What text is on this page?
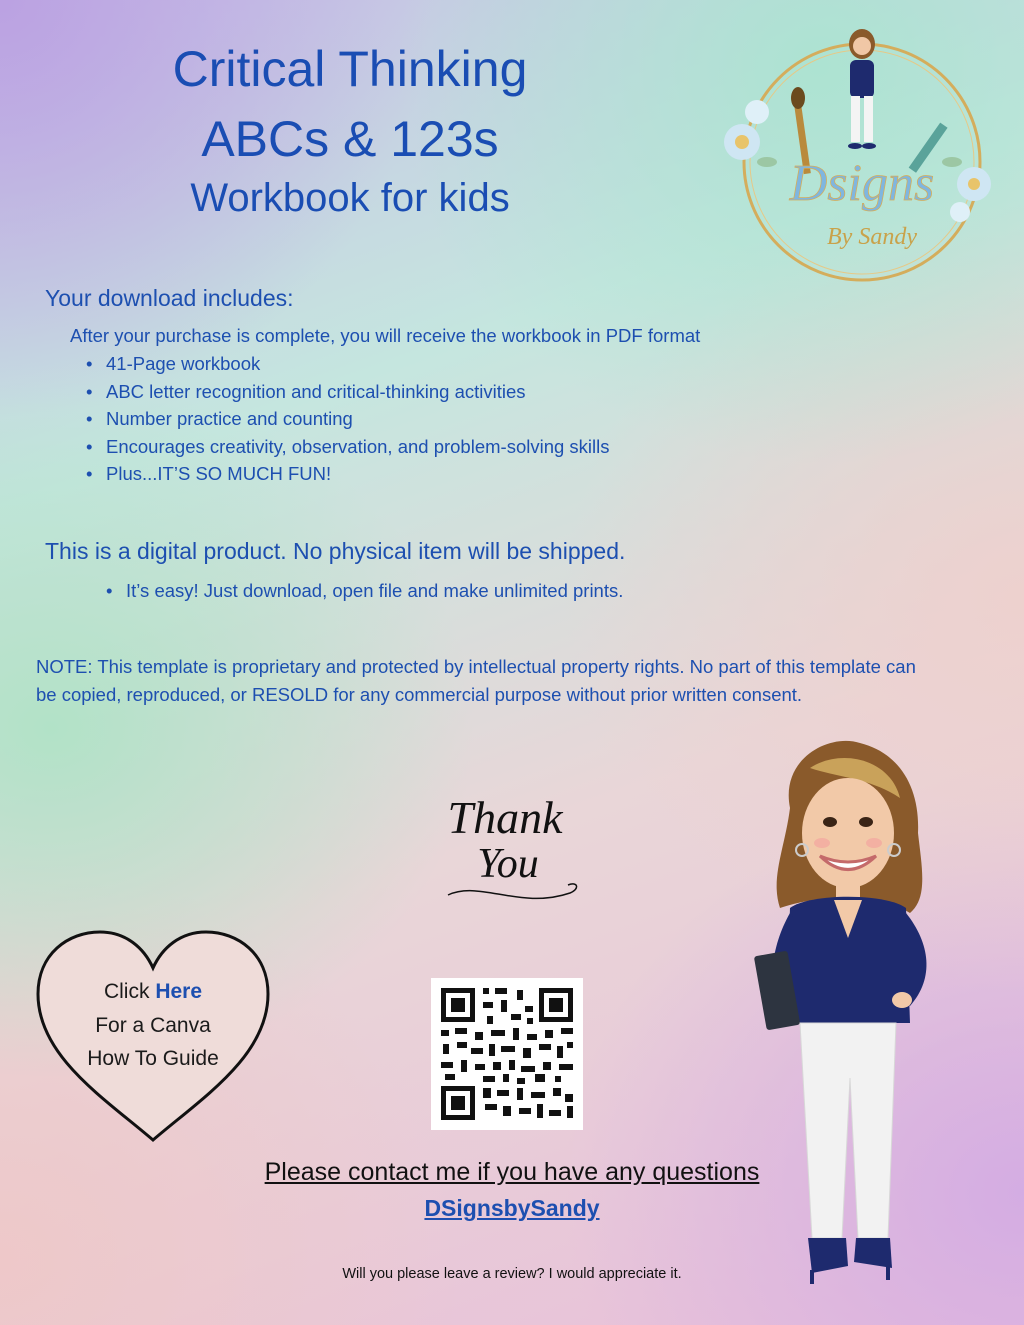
Critical Thinking
ABCs & 123s
Workbook for kids	Dsigns
By Sandy
Your download includes:
After your purchase is complete, you will receive the workbook in PDF format
• 41-Page workbook
• ABC letter recognition and critical-thinking activities
• Number practice and counting
• Encourages creativity, observation, and problem-solving skills
• Plus...IT’S SO MUCH FUN!
This is a digital product. No physical item will be shipped.
• It’s easy! Just download, open file and make unlimited prints.
NOTE: This template is proprietary and protected by intellectual property rights. No part of this template can be copied, reproduced, or RESOLD for any commercial purpose without prior written consent.
Thank
You
Click Here
For a Canva
How To Guide
Please contact me if you have any questions
DSignsbySandy
Will you please leave a review? I would appreciate it.
